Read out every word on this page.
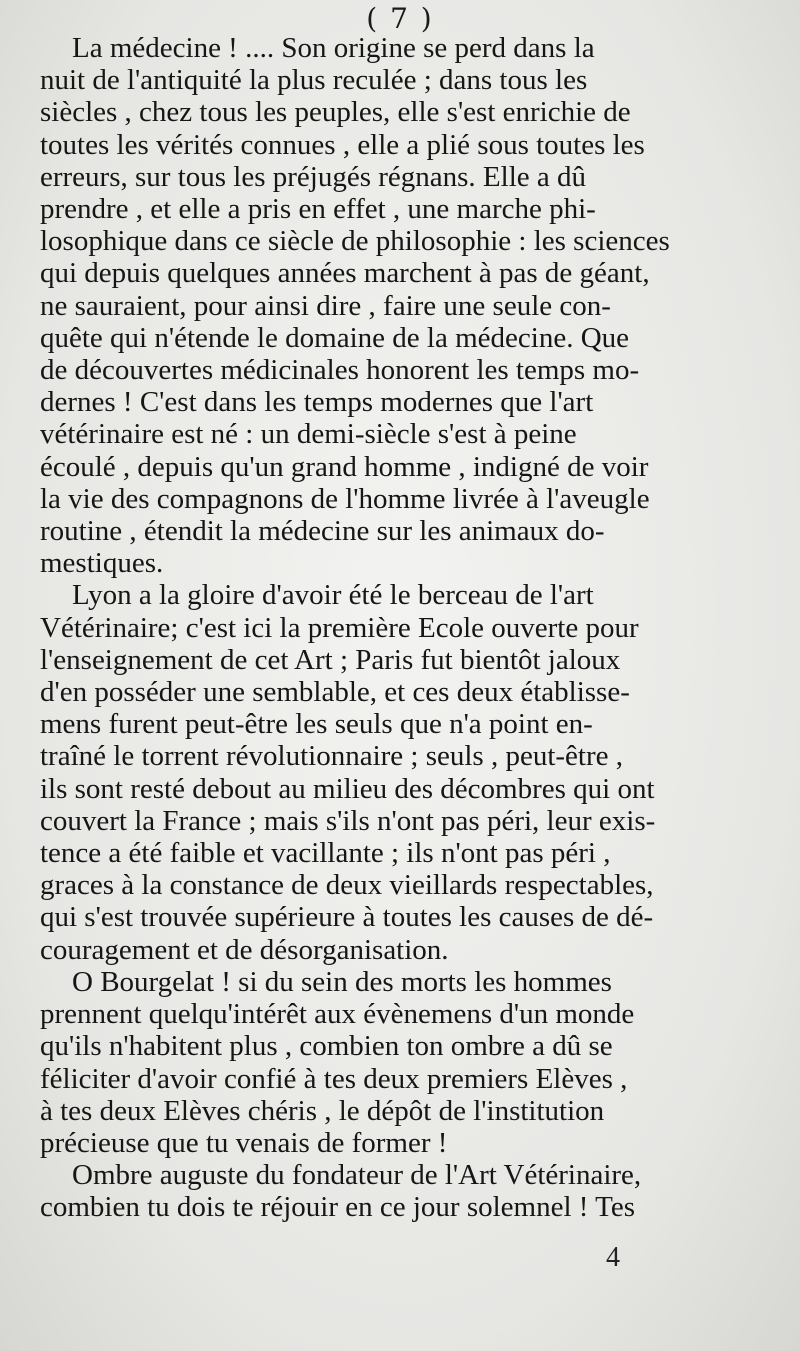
( 7 )

La médecine ! .... Son origine se perd dans la
nuit de l'antiquité la plus reculée ; dans tous les
siècles , chez tous les peuples, elle s'est enrichie de
toutes les vérités connues , elle a plié sous toutes les
erreurs, sur tous les préjugés régnans. Elle a dû
prendre , et elle a pris en effet , une marche phi-
losophique dans ce siècle de philosophie : les sciences
qui depuis quelques années marchent à pas de géant,
ne sauraient, pour ainsi dire , faire une seule con-
quête qui n'étende le domaine de la médecine. Que
de découvertes médicinales honorent les temps mo-
dernes ! C'est dans les temps modernes que l'art
vétérinaire est né : un demi-siècle s'est à peine
écoulé , depuis qu'un grand homme , indigné de voir
la vie des compagnons de l'homme livrée à l'aveugle
routine , étendit la médecine sur les animaux do-
mestiques.

Lyon a la gloire d'avoir été le berceau de l'art
Vétérinaire; c'est ici la première Ecole ouverte pour
l'enseignement de cet Art ; Paris fut bientôt jaloux
d'en posséder une semblable, et ces deux établisse-
mens furent peut-être les seuls que n'a point en-
traîné le torrent révolutionnaire ; seuls , peut-être ,
ils sont resté debout au milieu des décombres qui ont
couvert la France ; mais s'ils n'ont pas péri, leur exis-
tence a été faible et vacillante ; ils n'ont pas péri ,
graces à la constance de deux vieillards respectables,
qui s'est trouvée supérieure à toutes les causes de dé-
couragement et de désorganisation.

O Bourgelat ! si du sein des morts les hommes
prennent quelqu'intérêt aux évènemens d'un monde
qu'ils n'habitent plus , combien ton ombre a dû se
féliciter d'avoir confié à tes deux premiers Elèves ,
à tes deux Elèves chéris , le dépôt de l'institution
précieuse que tu venais de former !

Ombre auguste du fondateur de l'Art Vétérinaire,
combien tu dois te réjouir en ce jour solemnel ! Tes

4
